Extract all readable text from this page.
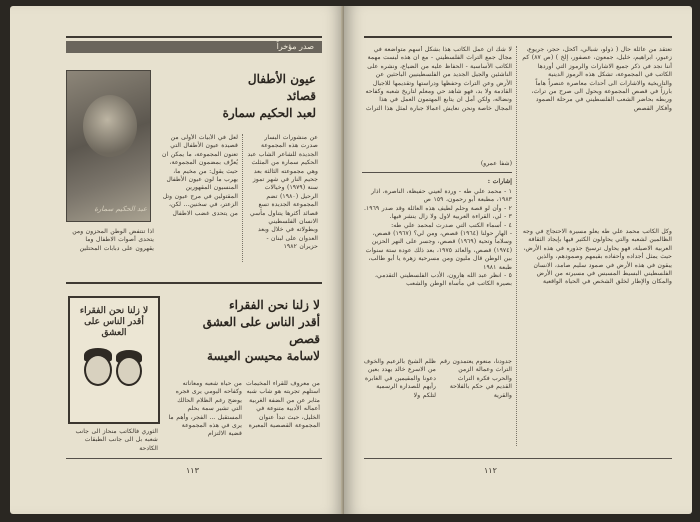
صدر مؤخراً
عبد الحكيم سمارة
عيون الأطفال
قصائد
لعبد الحكيم سمارة
عن منشورات اليسار صدرت هذه المجموعة الجديدة للشاعر الشاب عبد الحكيم سمارة من المثلث وهي مجموعته الثالثة بعد جحيم النار في شهر تموز سنة (١٩٧٩) وخيالات الرحيل (١٩٨٠) تضم المجموعة الجديدة تسع قصائد أكثرها يتناول مأسي الانسان الفلسطيني وبطولاته في خلال وبعد العدوان على لبنان - حزيران ١٩٨٢
لعل في الأبيات الأولى من قصيدة عيون الأطفال التي تعنون المجموعة، ما يمكن ان يُعرِّف بمضمون المجموعة، حيث يقول: من مخيم ما، يهرب ما لون عيون الأطفال المنسيون المقهورين المقتولين في مرج عيون وتل الزعتر، في سخنين... لكن، من يتحدى غضب الاطفال
اذا تنتفض الوطن المحزون ومن يتحدى أصوات الاطفال وما يقهرون على دبابات المحتلين
لا زلنا نحن الفقراء أقدر الناس على العشق
لا زلنا نحن الفقراء
أقدر الناس على العشق
قصص
لاسامة محيسن العيسة
من معروف للقراء المخيمات استلهم تجربته هو شاب شبه مثابر عن من الضفة الغربية أعماله الأدبية متنوعة في الخليل، حيث تبدأ عنوان المجموعة القصصية المعبرة
من حياة شعبه ومعاناته وكفاحه اليومي يرى فجره يوضح رغم الظلام الحالك التي تشير سمة بحلم المستقبل ... الفجر، وأهم ما يرى في هذه المجموعة قضية الالتزام
الثوري فالكاتب منحاز الى جانب شعبه بل الى جانب الطبقات الكادحة
١١٣
تعتقد من عائلة حال ( ذولو، شبالي، أكحل، حجر، جريوع، زعبور، ابراهيم، خليل، جمعون، عصفور، إلخ ) (ص ٨٧) كم أننا نجد في ذكر جميع الاشارات والرموز التي أوردها الكاتب في المجموعة، تشكل هذه الرموز الدينية والتاريخية والاشارات الى أحداث معاصرة عنصراً هاماً بارزاً في قصص المجموعة ويحول الى صرح من تراث، وربطه بحاضر الشعب الفلسطيني في مرحلة الصمود وأفكار القصص
وكل الكاتب محمد علي طه يعلو مسيرة الاحتجاج في وجه الظالمين لشعبه والتي يحاولون الكثير فيها بإيجاد الثقافة العربية الاصيلة، فهو يحاول ترسيخ جذوره في هذه الأرض، حيث يمثل أجداده وأحفاده بقيمهم وصمودهم، والذين يبقون في هذه الأرض في صمود سليم صامد، الانسان الفلسطيني البسيط المسيس في مسيرته من الأرض والمكان والإطار لخلق الشخص في الحياة الواقعية
لا شك ان عمل الكاتب هذا بشكل أسهم متواضعة في مجال جمع التراث الفلسطيني - مع ان هذه ليست مهمة الكاتب الأساسية - الحفاظ عليه من الضياع، ونشره على الناشئين والجيل الجديد من الفلسطينيين الباحثين عن الأرض وعن التراث وحفظها ودراستها وتقديمها للاجيال القادمة ولا بد، فهو شاهد حي ومعلم لتاريخ شعبه وكفاحه ونضاله، ولكن أمل ان يتابع المهتمون العمل في هذا المجال خاصة ونحن نعايش اعمالا جبارة لمثل هذا التراث
(شفا عمرو)
إشارات :
١ - محمد علي طه - وردة لعيني حفيظة، الناصرة، آذار ١٩٨٣، مطبعة أبو رحمون، ١٥٩ ص
٢ - وأن لو قصة وحلم لطيف هذه العائلة وقد صدر ١٩٦٩.
٣ - لي، القراءة العربية لاول ولا زال ينشر فيها.
٤ - أسماء الكتب التي صدرت لمحمد علي طه:
- الهار حولنا (١٩٦٤) قصص، ومن لي؟ (١٩٦٧) قصص، وسلاماً وتحية (١٩٦٩) قصص، وجسر على النهر الحزين (١٩٧٤) قصص، والعائد ١٩٧٥، بعد ذلك عودة ستة سنوات بين الوطن قال مليون ومن مسرحية زهرة يا أبو طالب، طبعة ١٩٨١
٥ - انظر عبد الله هارون، الأدب الفلسطيني التقدمي، بصيرة الكاتب في مأساة الوطن والشعب
جدودنا، منعوم يعتمدون رقم التراث وعمالة الزمن والحرب فكرة التراث القديم في حكم بالفلاحة والقرية
ظلم الشيخ بالزعيم والخوف من الاسرع خالد يهدد بعين دعونا والمقيمين في الغابرة رأيهم للصدارة الرسمية لتلكم ولا
١١٢
